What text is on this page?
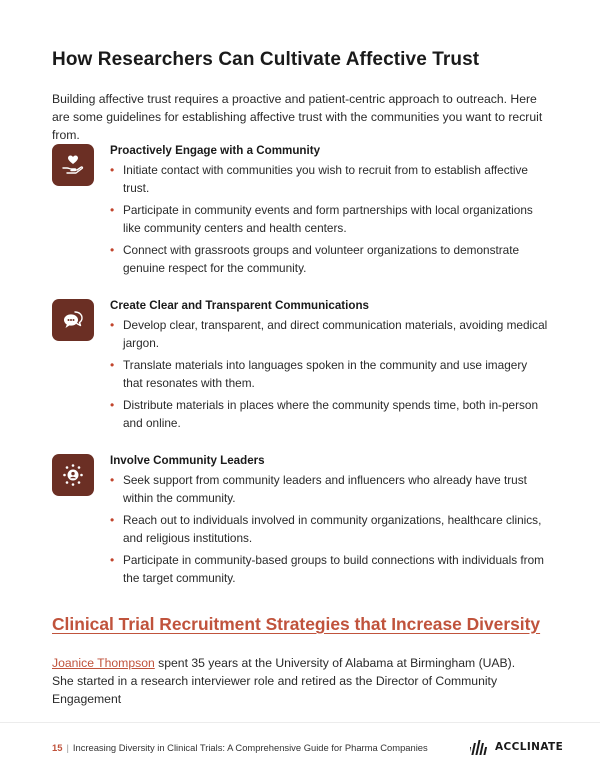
How Researchers Can Cultivate Affective Trust

Building affective trust requires a proactive and patient-centric approach to outreach. Here are some guidelines for establishing affective trust with the communities you want to recruit from.

Proactively Engage with a Community
• Initiate contact with communities you wish to recruit from to establish affective trust.
• Participate in community events and form partnerships with local organizations like community centers and health centers.
• Connect with grassroots groups and volunteer organizations to demonstrate genuine respect for the community.
Create Clear and Transparent Communications
• Develop clear, transparent, and direct communication materials, avoiding medical jargon.
• Translate materials into languages spoken in the community and use imagery that resonates with them.
• Distribute materials in places where the community spends time, both in-person and online.
Involve Community Leaders
• Seek support from community leaders and influencers who already have trust within the community.
• Reach out to individuals involved in community organizations, healthcare clinics, and religious institutions.
• Participate in community-based groups to build connections with individuals from the target community.
Clinical Trial Recruitment Strategies that Increase Diversity

Joanice Thompson spent 35 years at the University of Alabama at Birmingham (UAB). She started in a research interviewer role and retired as the Director of Community Engagement

15 | Increasing Diversity in Clinical Trials: A Comprehensive Guide for Pharma Companies	ACCLINATE
